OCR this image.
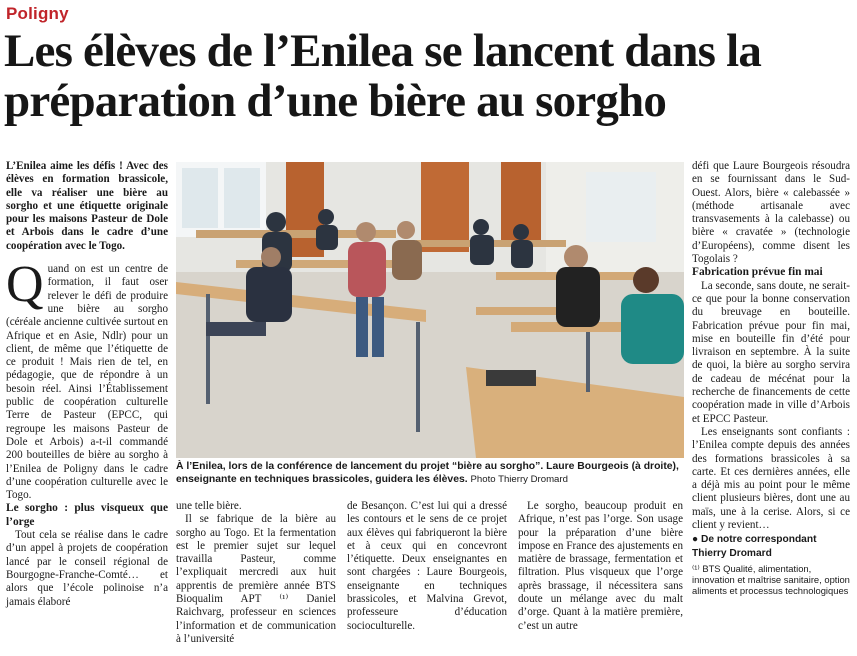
Poligny
Les élèves de l’Enilea se lancent dans la préparation d’une bière au sorgho

L’Enilea aime les défis ! Avec des élèves en formation brassicole, elle va réaliser une bière au sorgho et une étiquette originale pour les maisons Pasteur de Dole et Arbois dans le cadre d’une coopération avec le Togo.

Quand on est un centre de formation, il faut oser relever le défi de produire une bière au sorgho (céréale ancienne cultivée surtout en Afrique et en Asie, Ndlr) pour un client, de même que l’étiquette de ce produit ! Mais rien de tel, en pédagogie, que de répondre à un besoin réel. Ainsi l’Établissement public de coopération culturelle Terre de Pasteur (EPCC, qui regroupe les maisons Pasteur de Dole et Arbois) a-t-il commandé 200 bouteilles de bière au sorgho à l’Enilea de Poligny dans le cadre d’une coopération culturelle avec le Togo.

Le sorgho : plus visqueux que l’orge

Tout cela se réalise dans le cadre d’un appel à projets de coopération lancé par le conseil régional de Bourgogne-Franche-Comté… et alors que l’école polinoise n’a jamais élaboré

À l’Enilea, lors de la conférence de lancement du projet “bière au sorgho”. Laure Bourgeois (à droite), enseignante en techniques brassicoles, guidera les élèves. Photo Thierry Dromard

une telle bière.

Il se fabrique de la bière au sorgho au Togo. Et la fermentation est le premier sujet sur lequel travailla Pasteur, comme l’expliquait mercredi aux huit apprentis de première année BTS Bioqualim APT ⁽¹⁾ Daniel Raichvarg, professeur en sciences l’information et de communication à l’université

de Besançon. C’est lui qui a dressé les contours et le sens de ce projet aux élèves qui fabriqueront la bière et à ceux qui en concevront l’étiquette. Deux enseignantes en sont chargées : Laure Bourgeois, enseignante en techniques brassicoles, et Malvina Grevot, professeure d’éducation socioculturelle.

Le sorgho, beaucoup produit en Afrique, n’est pas l’orge. Son usage pour la préparation d’une bière impose en France des ajustements en matière de brassage, fermentation et filtration. Plus visqueux que l’orge après brassage, il nécessitera sans doute un mélange avec du malt d’orge. Quant à la matière première, c’est un autre

défi que Laure Bourgeois résoudra en se fournissant dans le Sud-Ouest. Alors, bière « calebassée » (méthode artisanale avec transvasements à la calebasse) ou bière « cravatée » (technologie d’Européens), comme disent les Togolais ?

Fabrication prévue fin mai

La seconde, sans doute, ne serait-ce que pour la bonne conservation du breuvage en bouteille. Fabrication prévue pour fin mai, mise en bouteille fin d’été pour livraison en septembre. À la suite de quoi, la bière au sorgho servira de cadeau de mécénat pour la recherche de financements de cette coopération made in ville d’Arbois et EPCC Pasteur.

Les enseignants sont confiants : l’Enilea compte depuis des années des formations brassicoles à sa carte. Et ces dernières années, elle a déjà mis au point pour le même client plusieurs bières, dont une au maïs, une à la cerise. Alors, si ce client y revient…

● De notre correspondant
Thierry Dromard
⁽¹⁾ BTS Qualité, alimentation, innovation et maîtrise sanitaire, option aliments et processus technologiques
